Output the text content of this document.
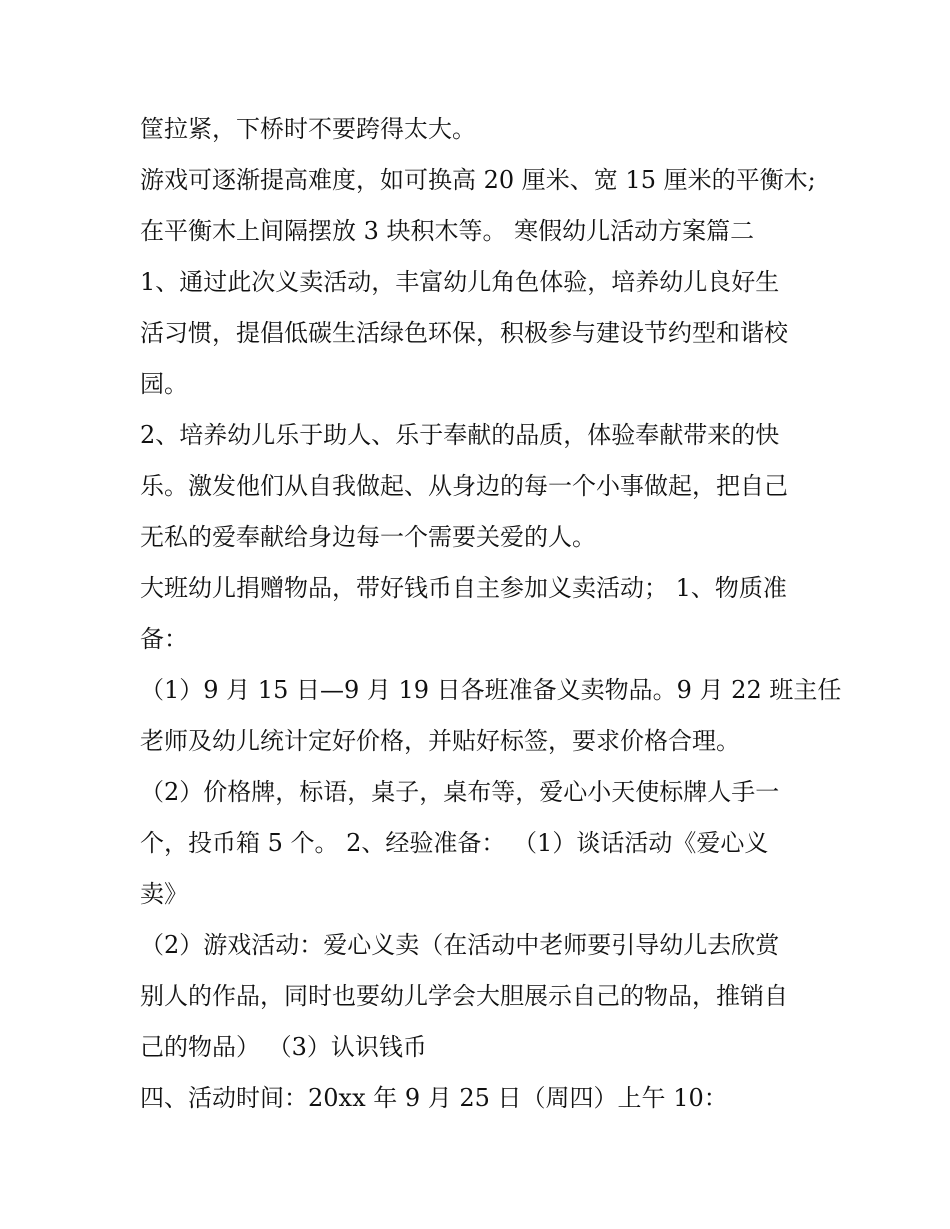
筐拉紧，下桥时不要跨得太大。
游戏可逐渐提高难度，如可换高 20 厘米、宽 15 厘米的平衡木;
在平衡木上间隔摆放 3 块积木等。 寒假幼儿活动方案篇二
1、通过此次义卖活动，丰富幼儿角色体验，培养幼儿良好生
活习惯，提倡低碳生活绿色环保，积极参与建设节约型和谐校
园。
2、培养幼儿乐于助人、乐于奉献的品质，体验奉献带来的快
乐。激发他们从自我做起、从身边的每一个小事做起，把自己
无私的爱奉献给身边每一个需要关爱的人。
大班幼儿捐赠物品，带好钱币自主参加义卖活动； 1、物质准
备：
（1）9 月 15 日—9 月 19 日各班准备义卖物品。9 月 22 班主任
老师及幼儿统计定好价格，并贴好标签，要求价格合理。
（2）价格牌，标语，桌子，桌布等，爱心小天使标牌人手一
个，投币箱 5 个。 2、经验准备： （1）谈话活动《爱心义
卖》
（2）游戏活动：爱心义卖（在活动中老师要引导幼儿去欣赏
别人的作品，同时也要幼儿学会大胆展示自己的物品，推销自
己的物品） （3）认识钱币
四、活动时间：20xx 年 9 月 25 日（周四）上午 10：
